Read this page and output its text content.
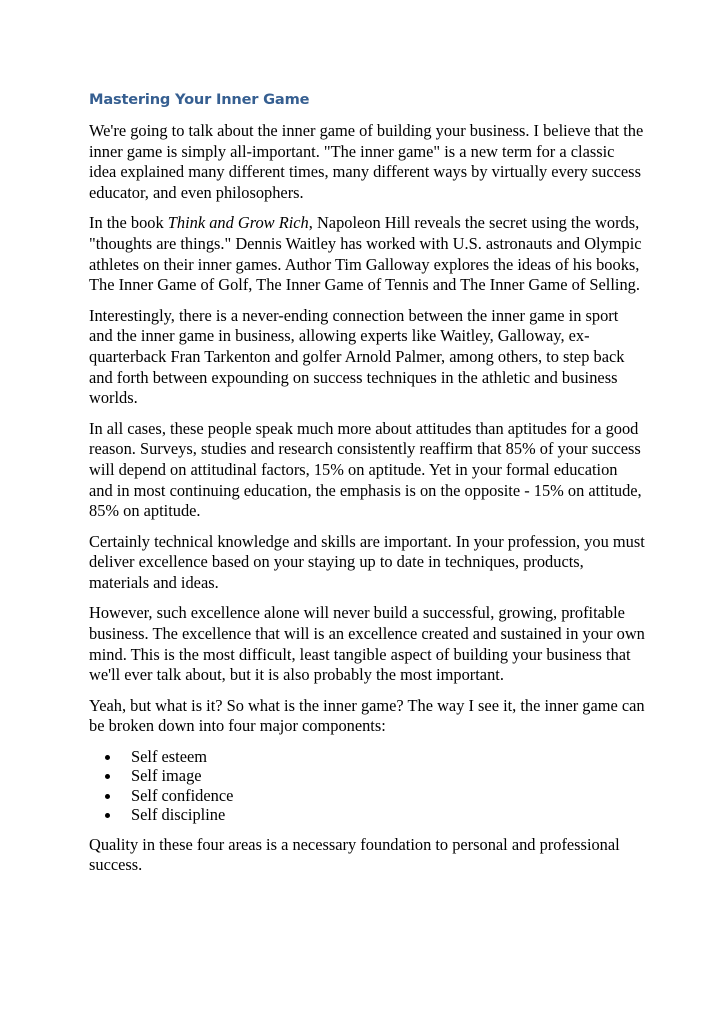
Mastering Your Inner Game

We're going to talk about the inner game of building your business. I believe that the inner game is simply all-important. "The inner game" is a new term for a classic idea explained many different times, many different ways by virtually every success educator, and even philosophers.

In the book Think and Grow Rich, Napoleon Hill reveals the secret using the words, "thoughts are things." Dennis Waitley has worked with U.S. astronauts and Olympic athletes on their inner games. Author Tim Galloway explores the ideas of his books, The Inner Game of Golf, The Inner Game of Tennis and The Inner Game of Selling.

Interestingly, there is a never-ending connection between the inner game in sport and the inner game in business, allowing experts like Waitley, Galloway, ex-quarterback Fran Tarkenton and golfer Arnold Palmer, among others, to step back and forth between expounding on success techniques in the athletic and business worlds.

In all cases, these people speak much more about attitudes than aptitudes for a good reason. Surveys, studies and research consistently reaffirm that 85% of your success will depend on attitudinal factors, 15% on aptitude. Yet in your formal education and in most continuing education, the emphasis is on the opposite - 15% on attitude, 85% on aptitude.

Certainly technical knowledge and skills are important. In your profession, you must deliver excellence based on your staying up to date in techniques, products, materials and ideas.

However, such excellence alone will never build a successful, growing, profitable business. The excellence that will is an excellence created and sustained in your own mind. This is the most difficult, least tangible aspect of building your business that we'll ever talk about, but it is also probably the most important.

Yeah, but what is it? So what is the inner game? The way I see it, the inner game can be broken down into four major components:

Self esteem
Self image
Self confidence
Self discipline

Quality in these four areas is a necessary foundation to personal and professional success.
